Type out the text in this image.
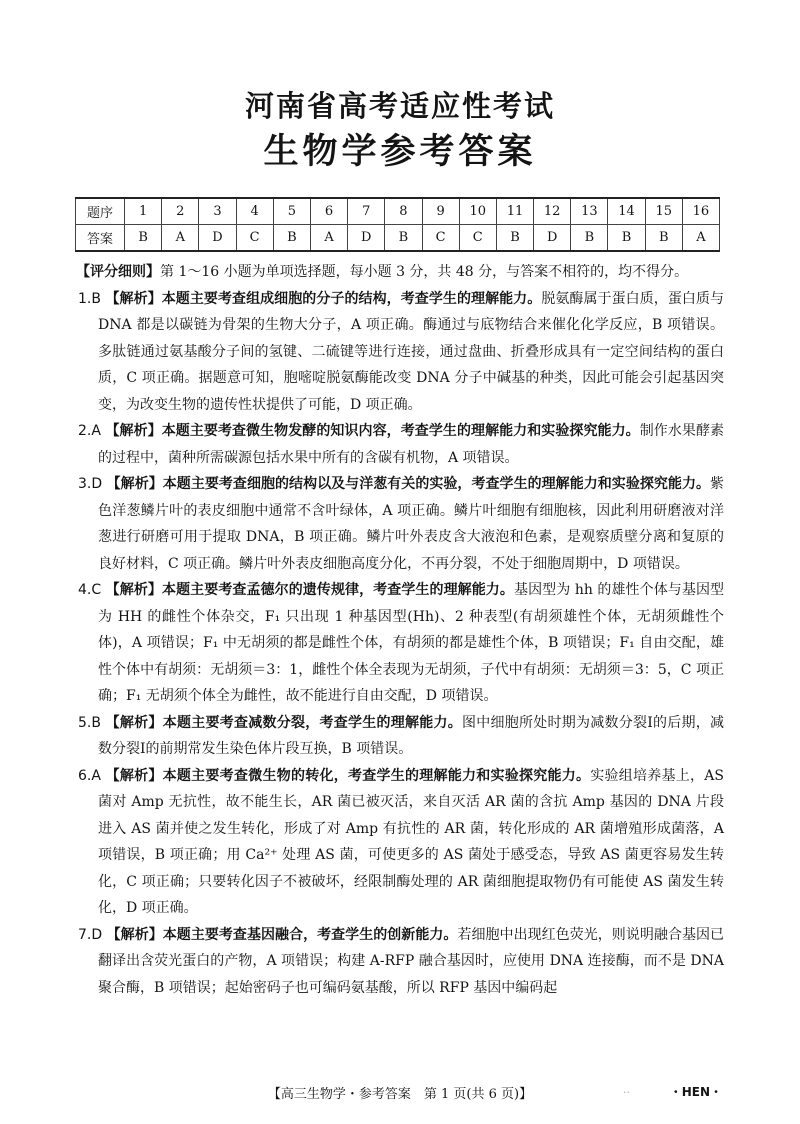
河南省高考适应性考试
生物学参考答案
题序	1	2	3	4	5	6	7	8	9	10	11	12	13	14	15	16
答案	B	A	D	C	B	A	D	B	C	C	B	D	B	B	B	A

【评分细则】第 1～16 小题为单项选择题，每小题 3 分，共 48 分，与答案不相符的，均不得分。

1.B 【解析】本题主要考查组成细胞的分子的结构，考查学生的理解能力。脱氨酶属于蛋白质，蛋白质与 DNA 都是以碳链为骨架的生物大分子，A 项正确。酶通过与底物结合来催化化学反应，B 项错误。多肽链通过氨基酸分子间的氢键、二硫键等进行连接，通过盘曲、折叠形成具有一定空间结构的蛋白质，C 项正确。据题意可知，胞嘧啶脱氨酶能改变 DNA 分子中碱基的种类，因此可能会引起基因突变，为改变生物的遗传性状提供了可能，D 项正确。

2.A 【解析】本题主要考查微生物发酵的知识内容，考查学生的理解能力和实验探究能力。制作水果酵素的过程中，菌种所需碳源包括水果中所有的含碳有机物，A 项错误。

3.D 【解析】本题主要考查细胞的结构以及与洋葱有关的实验，考查学生的理解能力和实验探究能力。紫色洋葱鳞片叶的表皮细胞中通常不含叶绿体，A 项正确。鳞片叶细胞有细胞核，因此利用研磨液对洋葱进行研磨可用于提取 DNA，B 项正确。鳞片叶外表皮含大液泡和色素，是观察质壁分离和复原的良好材料，C 项正确。鳞片叶外表皮细胞高度分化，不再分裂，不处于细胞周期中，D 项错误。

4.C 【解析】本题主要考查孟德尔的遗传规律，考查学生的理解能力。基因型为 hh 的雄性个体与基因型为 HH 的雌性个体杂交，F₁ 只出现 1 种基因型(Hh)、2 种表型(有胡须雄性个体，无胡须雌性个体)，A 项错误；F₁ 中无胡须的都是雌性个体，有胡须的都是雄性个体，B 项错误；F₁ 自由交配，雄性个体中有胡须：无胡须＝3：1，雌性个体全表现为无胡须，子代中有胡须：无胡须＝3：5，C 项正确；F₁ 无胡须个体全为雌性，故不能进行自由交配，D 项错误。

5.B 【解析】本题主要考查减数分裂，考查学生的理解能力。图中细胞所处时期为减数分裂Ⅰ的后期，减数分裂Ⅰ的前期常发生染色体片段互换，B 项错误。

6.A 【解析】本题主要考查微生物的转化，考查学生的理解能力和实验探究能力。实验组培养基上，AS 菌对 Amp 无抗性，故不能生长，AR 菌已被灭活，来自灭活 AR 菌的含抗 Amp 基因的 DNA 片段进入 AS 菌并使之发生转化，形成了对 Amp 有抗性的 AR 菌，转化形成的 AR 菌增殖形成菌落，A 项错误，B 项正确；用 Ca²⁺ 处理 AS 菌，可使更多的 AS 菌处于感受态，导致 AS 菌更容易发生转化，C 项正确；只要转化因子不被破坏，经限制酶处理的 AR 菌细胞提取物仍有可能使 AS 菌发生转化，D 项正确。

7.D 【解析】本题主要考查基因融合，考查学生的创新能力。若细胞中出现红色荧光，则说明融合基因已翻译出含荧光蛋白的产物，A 项错误；构建 A-RFP 融合基因时，应使用 DNA 连接酶，而不是 DNA 聚合酶，B 项错误；起始密码子也可编码氨基酸，所以 RFP 基因中编码起

【高三生物学・参考答案　第 1 页(共 6 页)】	..	・HEN・
